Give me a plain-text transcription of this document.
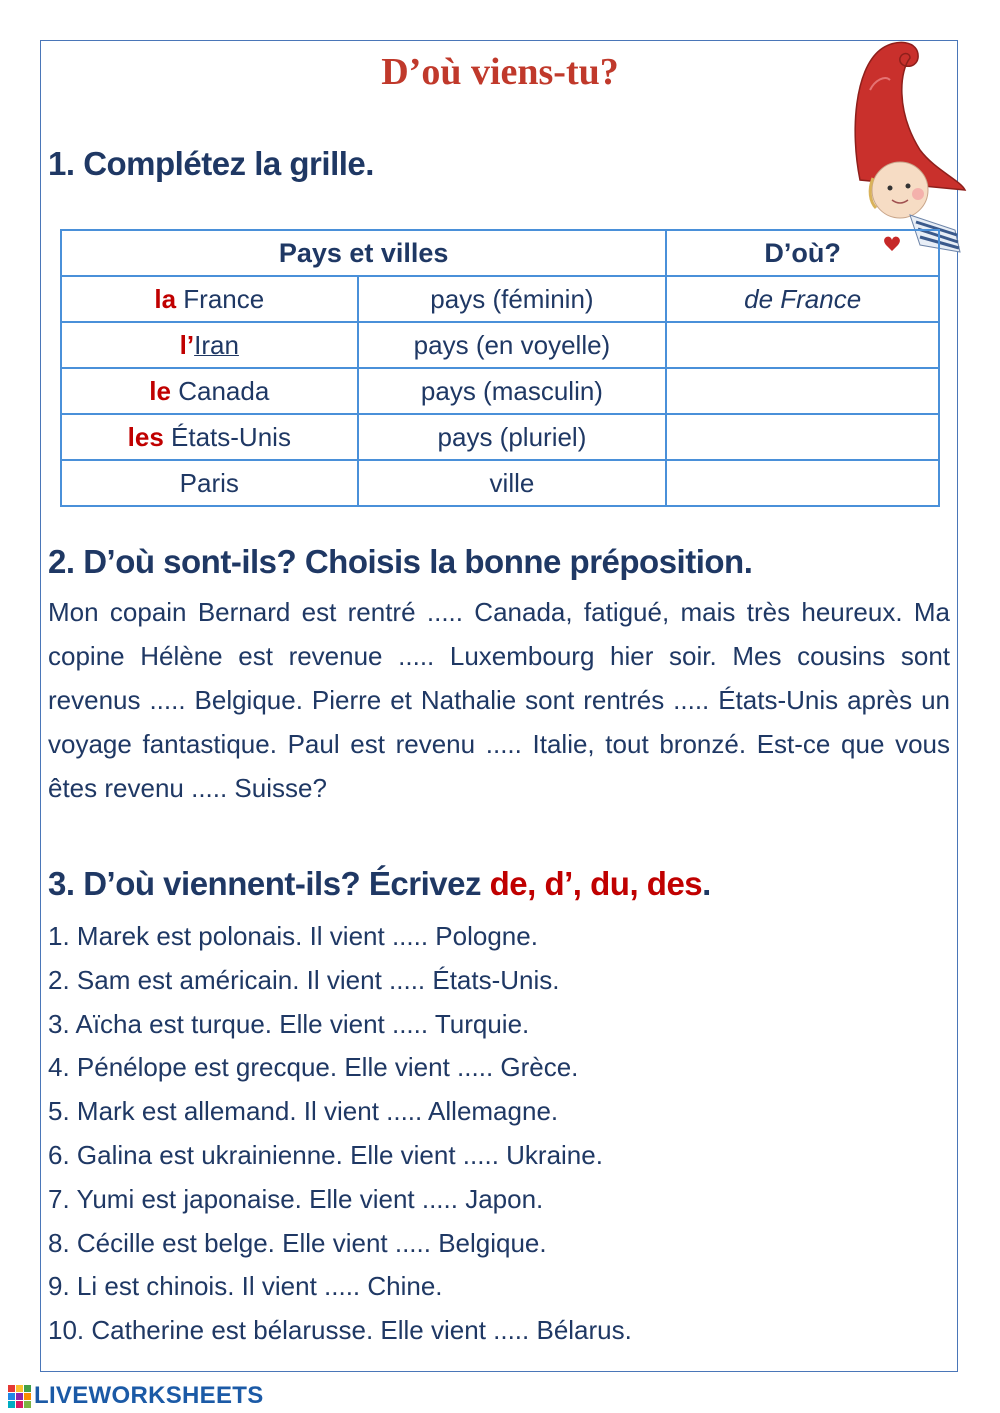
D’où viens-tu?
1. Complétez la grille.
Pays et villes		D’où?
la France	pays (féminin)	de France
l’Iran	pays (en voyelle)	
le Canada	pays (masculin)	
les États-Unis	pays (pluriel)	
Paris	ville	
2. D’où sont-ils? Choisis la bonne préposition.
Mon copain Bernard est rentré ..... Canada, fatigué, mais très heureux. Ma copine Hélène est revenue ..... Luxembourg hier soir. Mes cousins sont revenus ..... Belgique. Pierre et Nathalie sont rentrés ..... États-Unis après un voyage fantastique. Paul est revenu ..... Italie, tout bronzé. Est-ce que vous êtes revenu ..... Suisse?
3. D’où viennent-ils? Écrivez de, d’, du, des.
1. Marek est polonais. Il vient ..... Pologne.
2. Sam est américain. Il vient ..... États-Unis.
3. Aïcha est turque. Elle vient ..... Turquie.
4. Pénélope est grecque. Elle vient ..... Grèce.
5. Mark est allemand. Il vient ..... Allemagne.
6. Galina est ukrainienne. Elle vient ..... Ukraine.
7. Yumi est japonaise. Elle vient ..... Japon.
8. Cécille est belge. Elle vient ..... Belgique.
9. Li est chinois. Il vient ..... Chine.
10. Catherine est bélarusse. Elle vient ..... Bélarus.
LIVEWORKSHEETS
